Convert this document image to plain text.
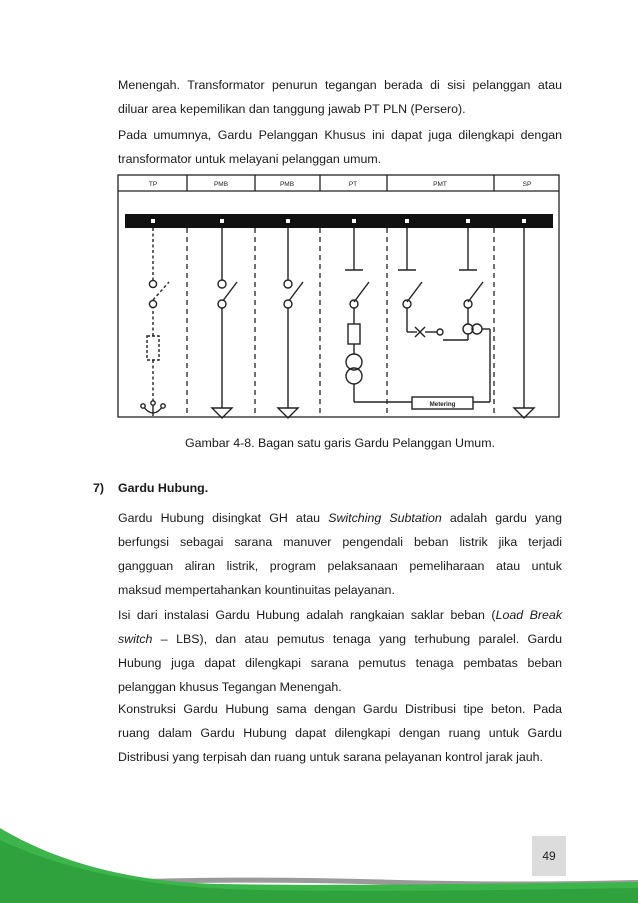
Menengah. Transformator penurun tegangan berada di sisi pelanggan atau
diluar area kepemilikan dan tanggung jawab PT PLN (Persero).
Pada umumnya, Gardu Pelanggan Khusus ini dapat juga dilengkapi dengan
transformator untuk melayani pelanggan umum.
TP	PMB	PMB	PT	PMT	SP
Metering

Gambar 4-8. Bagan satu garis Gardu Pelanggan Umum.

7) Gardu Hubung.

Gardu Hubung disingkat GH atau Switching Subtation adalah gardu yang
berfungsi sebagai sarana manuver pengendali beban listrik jika terjadi
gangguan aliran listrik, program pelaksanaan pemeliharaan atau untuk
maksud mempertahankan kountinuitas pelayanan.
Isi dari instalasi Gardu Hubung adalah rangkaian saklar beban (Load Break
switch – LBS), dan atau pemutus tenaga yang terhubung paralel. Gardu
Hubung juga dapat dilengkapi sarana pemutus tenaga pembatas beban
pelanggan khusus Tegangan Menengah.
Konstruksi Gardu Hubung sama dengan Gardu Distribusi tipe beton. Pada
ruang dalam Gardu Hubung dapat dilengkapi dengan ruang untuk Gardu
Distribusi yang terpisah dan ruang untuk sarana pelayanan kontrol jarak jauh.
49
